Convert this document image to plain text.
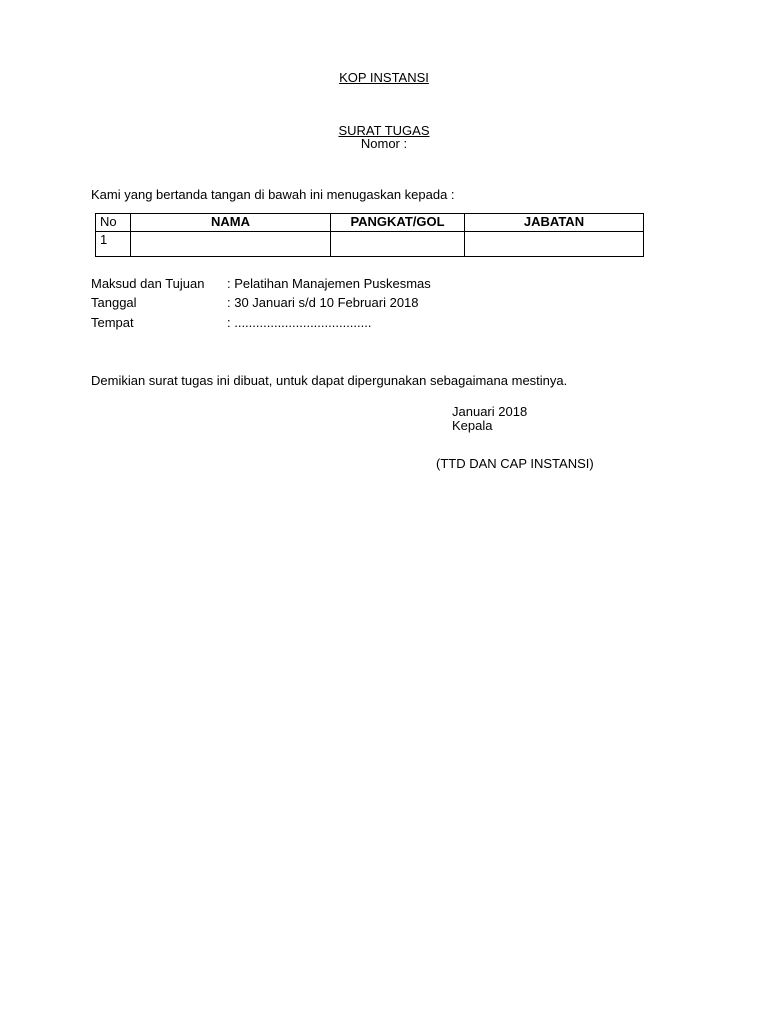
KOP INSTANSI
SURAT TUGAS
Nomor :
Kami yang bertanda tangan di bawah ini menugaskan kepada :
No	NAMA	PANGKAT/GOL	JABATAN
1			
Maksud dan Tujuan : Pelatihan Manajemen Puskesmas
Tanggal	: 30 Januari s/d 10 Februari 2018
Tempat	: ......................................
Demikian surat tugas ini dibuat, untuk dapat dipergunakan sebagaimana mestinya.
Januari 2018
Kepala
(TTD DAN CAP INSTANSI)
